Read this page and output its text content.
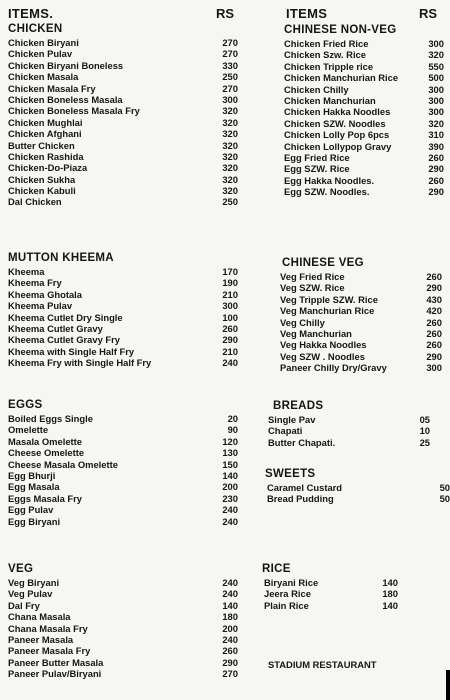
ITEMS.	RS
CHICKEN
Chicken Biryani	270
Chicken Pulav	270
Chicken Biryani Boneless	330
Chicken Masala	250
Chicken Masala Fry	270
Chicken Boneless Masala	300
Chicken Boneless Masala Fry	320
Chicken Mughlai	320
Chicken Afghani	320
Butter Chicken	320
Chicken Rashida	320
Chicken-Do-Piaza	320
Chicken Sukha	320
Chicken Kabuli	320
Dal Chicken	250
MUTTON KHEEMA
Kheema	170
Kheema Fry	190
Kheema Ghotala	210
Kheema Pulav	300
Kheema Cutlet Dry Single	100
Kheema Cutlet Gravy	260
Kheema Cutlet Gravy Fry	290
Kheema with Single Half Fry	210
Kheema Fry with Single Half Fry	240
EGGS
Boiled Eggs Single	20
Omelette	90
Masala Omelette	120
Cheese Omelette	130
Cheese Masala Omelette	150
Egg Bhurji	140
Egg Masala	200
Eggs Masala Fry	230
Egg Pulav	240
Egg Biryani	240
VEG
Veg Biryani	240
Veg Pulav	240
Dal Fry	140
Chana Masala	180
Chana Masala Fry	200
Paneer Masala	240
Paneer Masala Fry	260
Paneer Butter Masala	290
Paneer Pulav/Biryani	270
ITEMS	RS
CHINESE NON-VEG
Chicken Fried Rice	300
Chicken Szw. Rice	320
Chicken Tripple rice	550
Chicken Manchurian Rice	500
Chicken Chilly	300
Chicken Manchurian	300
Chicken Hakka Noodles	300
Chicken SZW. Noodles	320
Chicken Lolly Pop 6pcs	310
Chicken Lollypop Gravy	390
Egg Fried Rice	260
Egg SZW. Rice	290
Egg Hakka Noodles.	260
Egg SZW. Noodles.	290
CHINESE VEG
Veg Fried Rice	260
Veg SZW. Rice	290
Veg Tripple SZW. Rice	430
Veg Manchurian Rice	420
Veg Chilly	260
Veg Manchurian	260
Veg Hakka Noodles	260
Veg SZW . Noodles	290
Paneer Chilly Dry/Gravy	300
BREADS
Single Pav	05
Chapati	10
Butter Chapati.	25
SWEETS
Caramel Custard	50
Bread Pudding	50
RICE
Biryani Rice	140
Jeera Rice	180
Plain Rice	140
STADIUM RESTAURANT
